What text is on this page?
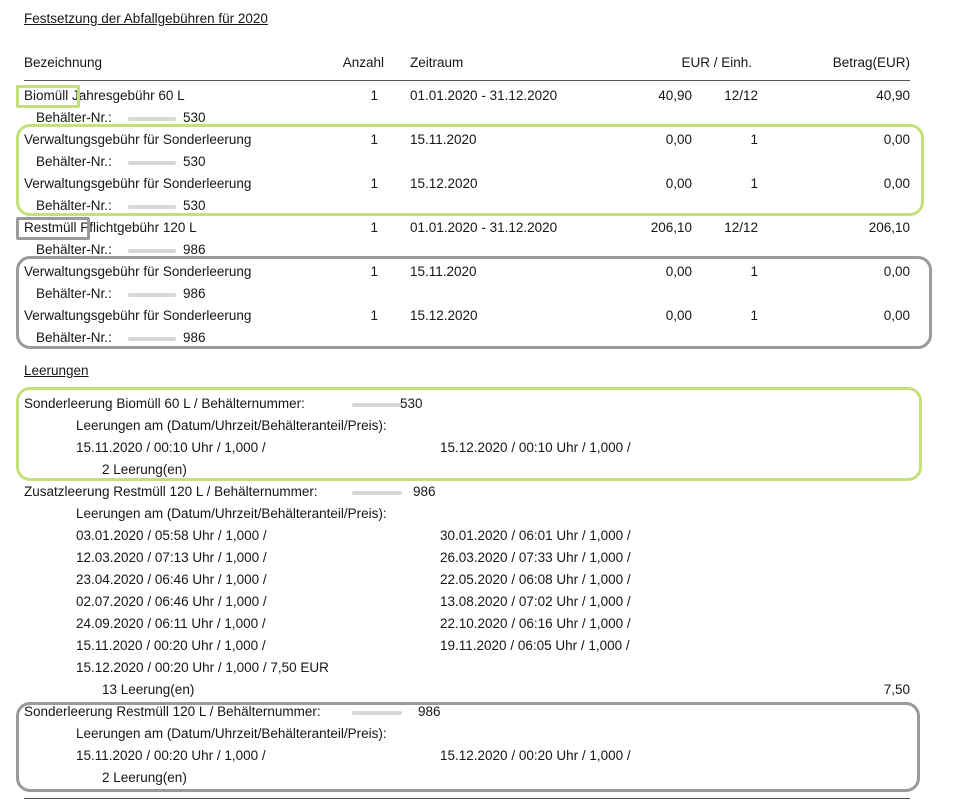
Festsetzung der Abfallgebühren für 2020
Bezeichnung	Anzahl Zeitraum	EUR / Einh.	Betrag(EUR)
Biomüll Jahresgebühr 60 L	1 01.01.2020 - 31.12.2020	40,90	12/12	40,90
Behälter-Nr.:	530
Verwaltungsgebühr für Sonderleerung	1 15.11.2020	0,00	1	0,00
Behälter-Nr.:	530
Verwaltungsgebühr für Sonderleerung	1 15.12.2020	0,00	1	0,00
Behälter-Nr.:	530
Restmüll Pflichtgebühr 120 L	1 01.01.2020 - 31.12.2020	206,10	12/12	206,10
Behälter-Nr.:	986
Verwaltungsgebühr für Sonderleerung	1 15.11.2020	0,00	1	0,00
Behälter-Nr.:	986
Verwaltungsgebühr für Sonderleerung	1 15.12.2020	0,00	1	0,00
Behälter-Nr.:	986
Leerungen
Sonderleerung Biomüll 60 L / Behälternummer:	530
Leerungen am (Datum/Uhrzeit/Behälteranteil/Preis):
15.11.2020 / 00:10 Uhr / 1,000 /	15.12.2020 / 00:10 Uhr / 1,000 /
2 Leerung(en)
Zusatzleerung Restmüll 120 L / Behälternummer:	986
Leerungen am (Datum/Uhrzeit/Behälteranteil/Preis):
03.01.2020 / 05:58 Uhr / 1,000 /	30.01.2020 / 06:01 Uhr / 1,000 /
12.03.2020 / 07:13 Uhr / 1,000 /	26.03.2020 / 07:33 Uhr / 1,000 /
23.04.2020 / 06:46 Uhr / 1,000 /	22.05.2020 / 06:08 Uhr / 1,000 /
02.07.2020 / 06:46 Uhr / 1,000 /	13.08.2020 / 07:02 Uhr / 1,000 /
24.09.2020 / 06:11 Uhr / 1,000 /	22.10.2020 / 06:16 Uhr / 1,000 /
15.11.2020 / 00:20 Uhr / 1,000 /	19.11.2020 / 06:05 Uhr / 1,000 /
15.12.2020 / 00:20 Uhr / 1,000 / 7,50 EUR
13 Leerung(en)	7,50
Sonderleerung Restmüll 120 L / Behälternummer:	986
Leerungen am (Datum/Uhrzeit/Behälteranteil/Preis):
15.11.2020 / 00:20 Uhr / 1,000 /	15.12.2020 / 00:20 Uhr / 1,000 /
2 Leerung(en)
